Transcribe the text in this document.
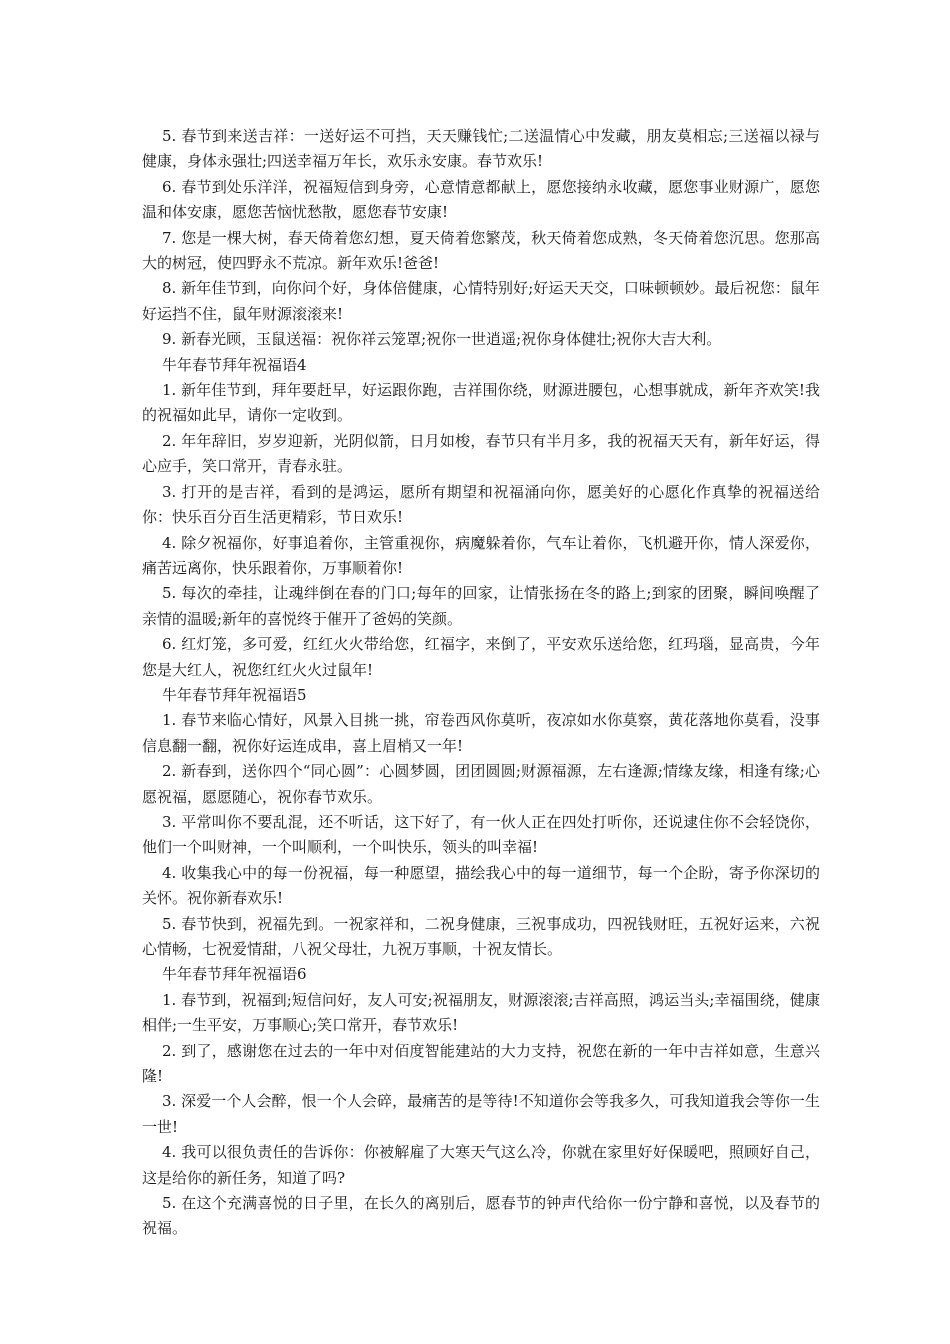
5. 春节到来送吉祥：一送好运不可挡，天天赚钱忙;二送温情心中发藏，朋友莫相忘;三送福以禄与健康，身体永强壮;四送幸福万年长，欢乐永安康。春节欢乐!

6. 春节到处乐洋洋，祝福短信到身旁，心意情意都献上，愿您接纳永收藏，愿您事业财源广，愿您温和体安康，愿您苦恼忧愁散，愿您春节安康!

7. 您是一棵大树，春天倚着您幻想，夏天倚着您繁茂，秋天倚着您成熟，冬天倚着您沉思。您那高大的树冠，使四野永不荒凉。新年欢乐!爸爸!

8. 新年佳节到，向你问个好，身体倍健康，心情特别好;好运天天交，口味顿顿妙。最后祝您：鼠年好运挡不住，鼠年财源滚滚来!

9. 新春光顾，玉鼠送福：祝你祥云笼罩;祝你一世逍遥;祝你身体健壮;祝你大吉大利。

牛年春节拜年祝福语4

1. 新年佳节到，拜年要赶早，好运跟你跑，吉祥围你绕，财源进腰包，心想事就成，新年齐欢笑!我的祝福如此早，请你一定收到。

2. 年年辞旧，岁岁迎新，光阴似箭，日月如梭，春节只有半月多，我的祝福天天有，新年好运，得心应手，笑口常开，青春永驻。

3. 打开的是吉祥，看到的是鸿运，愿所有期望和祝福涌向你，愿美好的心愿化作真挚的祝福送给你：快乐百分百生活更精彩，节日欢乐!

4. 除夕祝福你，好事追着你，主管重视你，病魔躲着你，气车让着你，飞机避开你，情人深爱你，痛苦远离你，快乐跟着你，万事顺着你!

5. 每次的牵挂，让魂绊倒在春的门口;每年的回家，让情张扬在冬的路上;到家的团聚，瞬间唤醒了亲情的温暖;新年的喜悦终于催开了爸妈的笑颜。

6. 红灯笼，多可爱，红红火火带给您，红福字，来倒了，平安欢乐送给您，红玛瑙，显高贵，今年您是大红人，祝您红红火火过鼠年!

牛年春节拜年祝福语5

1. 春节来临心情好，风景入目挑一挑，帘卷西风你莫听，夜凉如水你莫察，黄花落地你莫看，没事信息翻一翻，祝你好运连成串，喜上眉梢又一年!

2. 新春到，送你四个“同心圆”：心圆梦圆，团团圆圆;财源福源，左右逢源;情缘友缘，相逢有缘;心愿祝福，愿愿随心，祝你春节欢乐。

3. 平常叫你不要乱混，还不听话，这下好了，有一伙人正在四处打听你，还说逮住你不会轻饶你，他们一个叫财神，一个叫顺利，一个叫快乐，领头的叫幸福!

4. 收集我心中的每一份祝福，每一种愿望，描绘我心中的每一道细节，每一个企盼，寄予你深切的关怀。祝你新春欢乐!

5. 春节快到，祝福先到。一祝家祥和，二祝身健康，三祝事成功，四祝钱财旺，五祝好运来，六祝心情畅，七祝爱情甜，八祝父母壮，九祝万事顺，十祝友情长。

牛年春节拜年祝福语6

1. 春节到，祝福到;短信问好，友人可安;祝福朋友，财源滚滚;吉祥高照，鸿运当头;幸福围绕，健康相伴;一生平安，万事顺心;笑口常开，春节欢乐!

2. 到了，感谢您在过去的一年中对佰度智能建站的大力支持，祝您在新的一年中吉祥如意，生意兴隆!

3. 深爱一个人会醉，恨一个人会碎，最痛苦的是等待!不知道你会等我多久，可我知道我会等你一生一世!

4. 我可以很负责任的告诉你：你被解雇了大寒天气这么冷，你就在家里好好保暖吧，照顾好自己，这是给你的新任务，知道了吗?

5. 在这个充满喜悦的日子里，在长久的离别后，愿春节的钟声代给你一份宁静和喜悦，以及春节的祝福。
